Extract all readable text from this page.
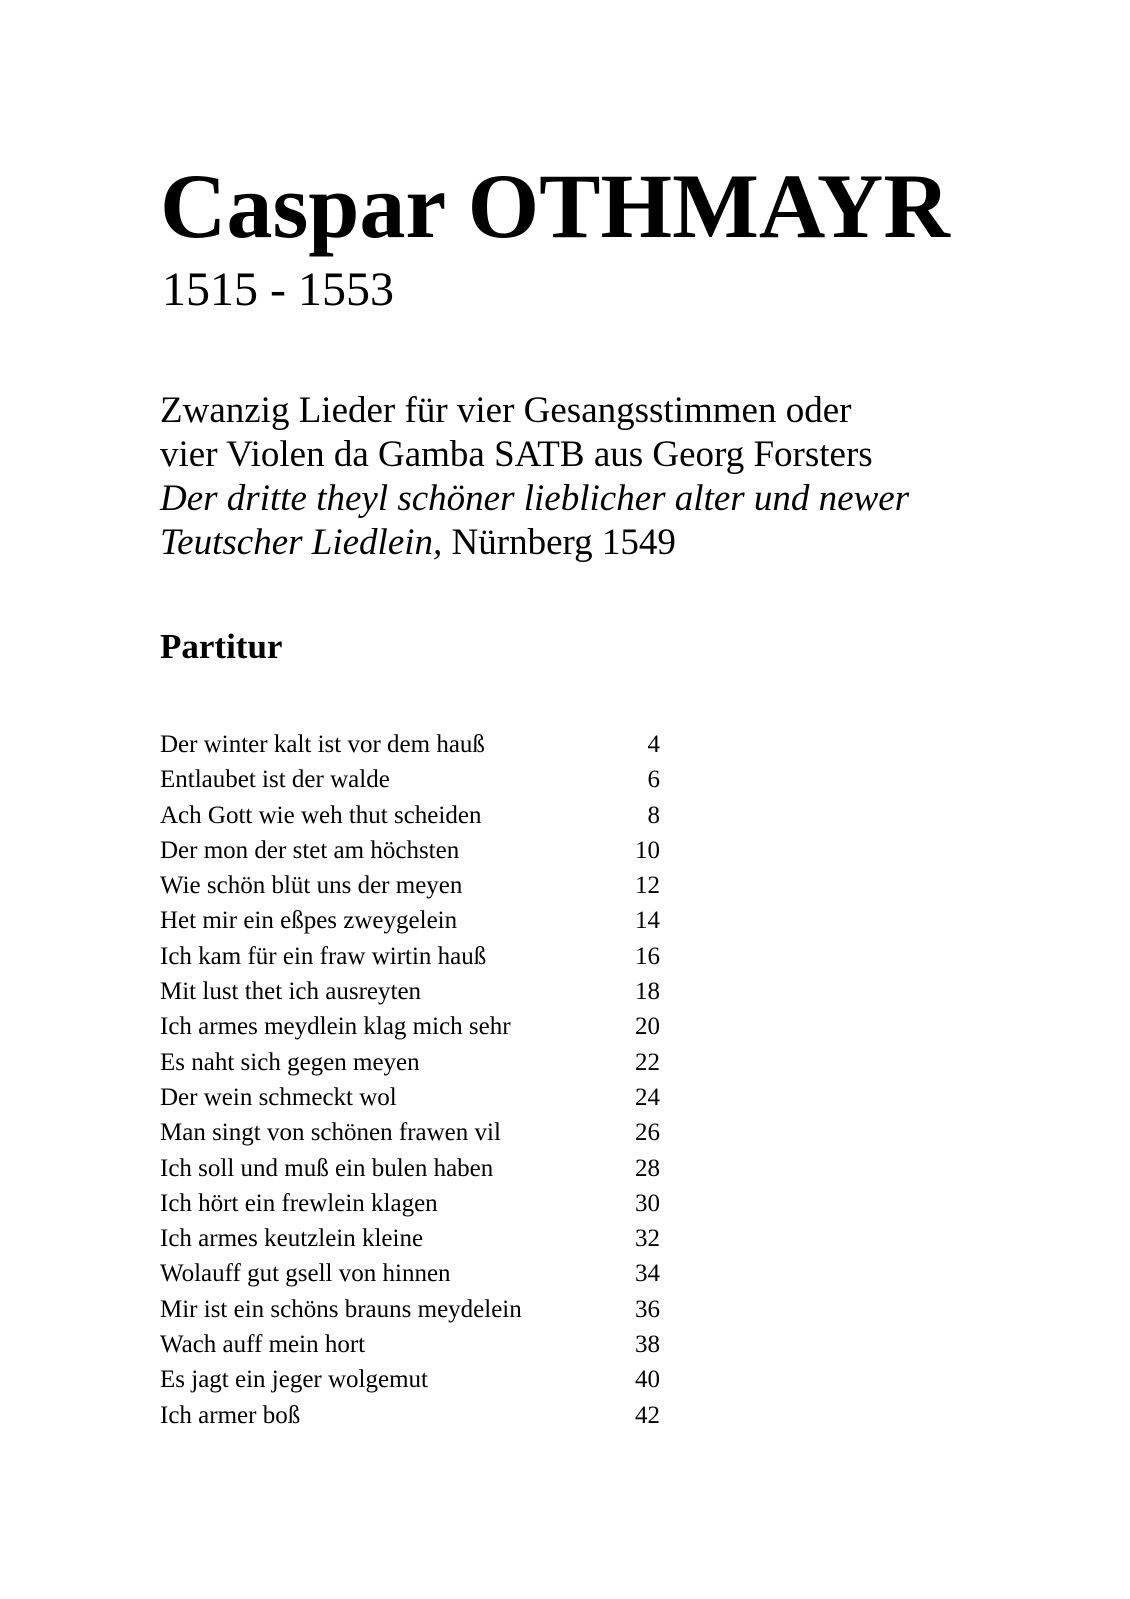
Caspar OTHMAYR
1515 - 1553
Zwanzig Lieder für vier Gesangsstimmen oder
vier Violen da Gamba SATB aus Georg Forsters
Der dritte theyl schöner lieblicher alter und newer
Teutscher Liedlein, Nürnberg 1549
Partitur
Der winter kalt ist vor dem hauß	4
Entlaubet ist der walde	6
Ach Gott wie weh thut scheiden	8
Der mon der stet am höchsten	10
Wie schön blüt uns der meyen	12
Het mir ein eßpes zweygelein	14
Ich kam für ein fraw wirtin hauß	16
Mit lust thet ich ausreyten	18
Ich armes meydlein klag mich sehr	20
Es naht sich gegen meyen	22
Der wein schmeckt wol	24
Man singt von schönen frawen vil	26
Ich soll und muß ein bulen haben	28
Ich hört ein frewlein klagen	30
Ich armes keutzlein kleine	32
Wolauff gut gsell von hinnen	34
Mir ist ein schöns brauns meydelein	36
Wach auff mein hort	38
Es jagt ein jeger wolgemut	40
Ich armer boß	42
